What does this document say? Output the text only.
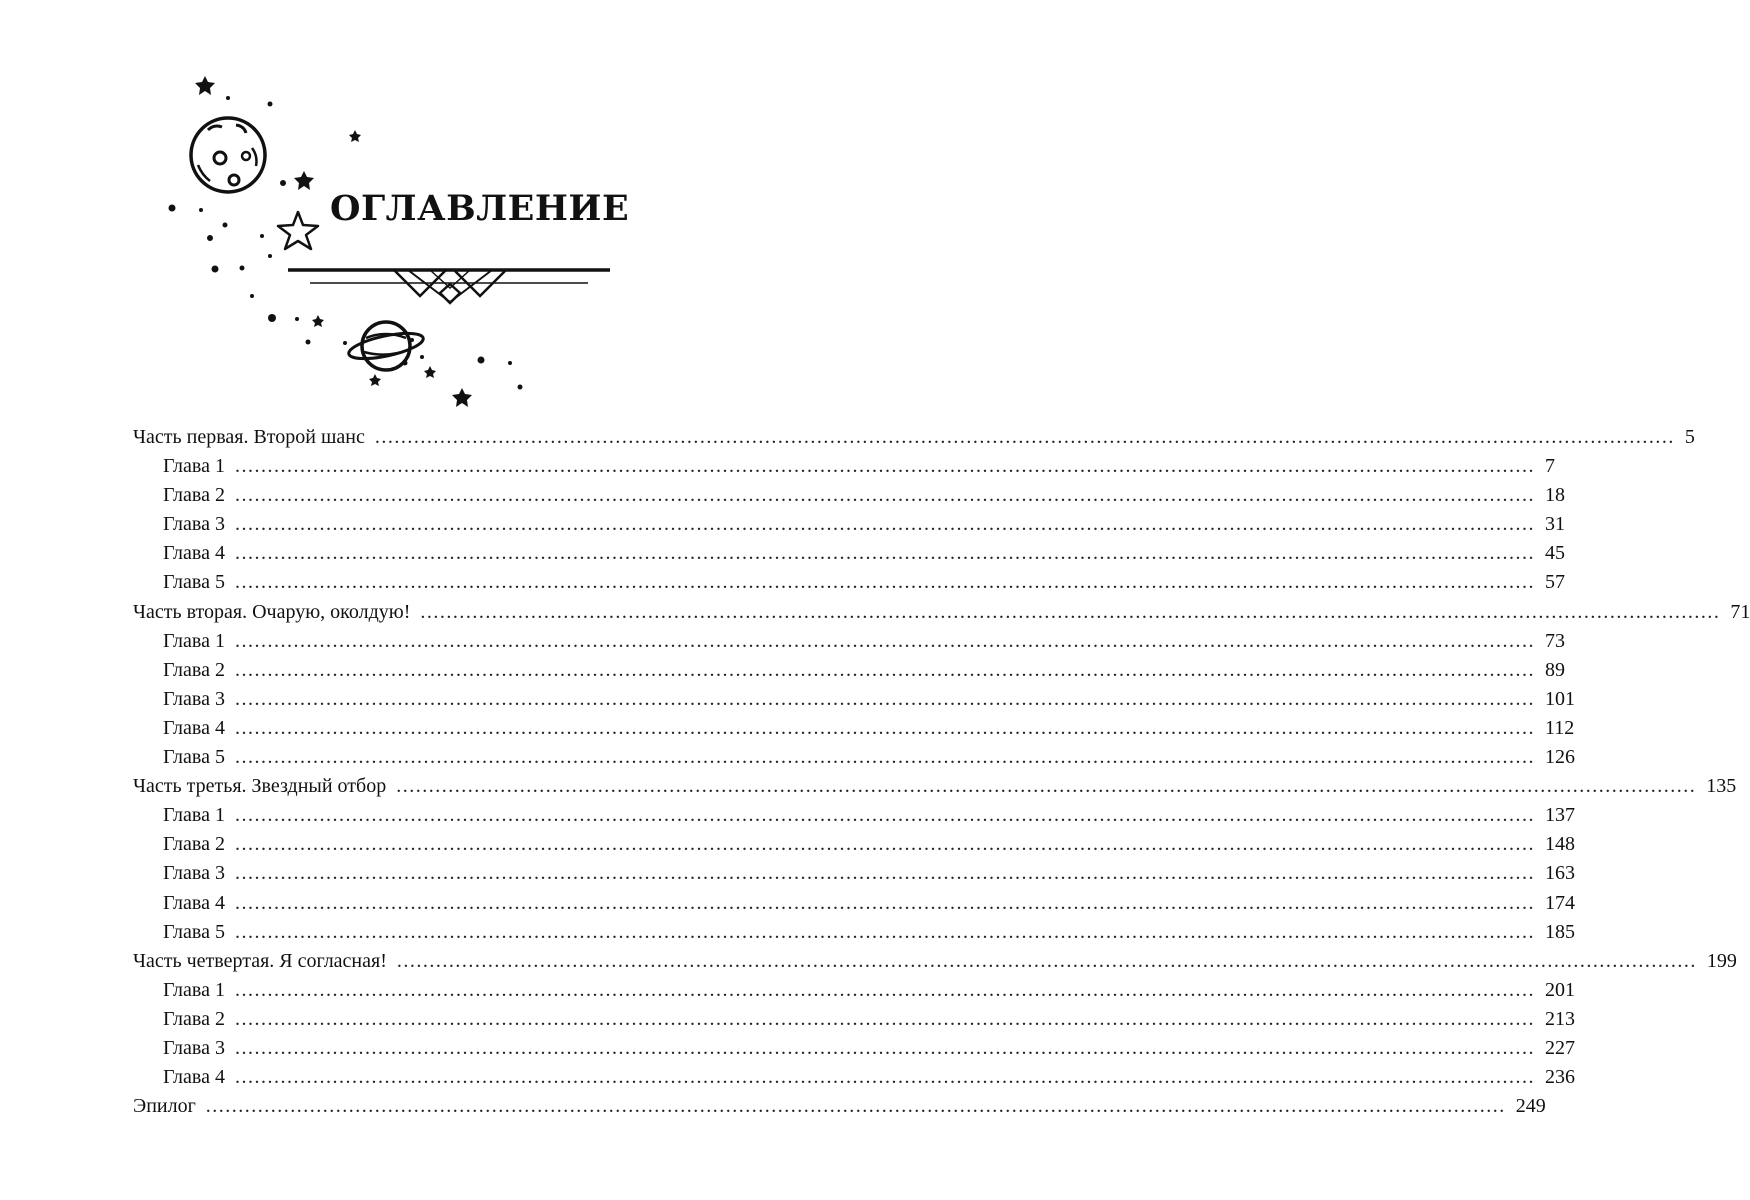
ОГЛАВЛЕНИЕ
Часть первая. Второй шанс ........................................................................................................................................................................................................ 5
Глава 1 ........................................................................................................................................................................................................ 7
Глава 2 ........................................................................................................................................................................................................ 18
Глава 3 ........................................................................................................................................................................................................ 31
Глава 4 ........................................................................................................................................................................................................ 45
Глава 5 ........................................................................................................................................................................................................ 57
Часть вторая. Очарую, околдую! ........................................................................................................................................................................................................ 71
Глава 1 ........................................................................................................................................................................................................ 73
Глава 2 ........................................................................................................................................................................................................ 89
Глава 3 ........................................................................................................................................................................................................ 101
Глава 4 ........................................................................................................................................................................................................ 112
Глава 5 ........................................................................................................................................................................................................ 126
Часть третья. Звездный отбор ........................................................................................................................................................................................................ 135
Глава 1 ........................................................................................................................................................................................................ 137
Глава 2 ........................................................................................................................................................................................................ 148
Глава 3 ........................................................................................................................................................................................................ 163
Глава 4 ........................................................................................................................................................................................................ 174
Глава 5 ........................................................................................................................................................................................................ 185
Часть четвертая. Я согласная! ........................................................................................................................................................................................................ 199
Глава 1 ........................................................................................................................................................................................................ 201
Глава 2 ........................................................................................................................................................................................................ 213
Глава 3 ........................................................................................................................................................................................................ 227
Глава 4 ........................................................................................................................................................................................................ 236
Эпилог ........................................................................................................................................................................................................ 249
